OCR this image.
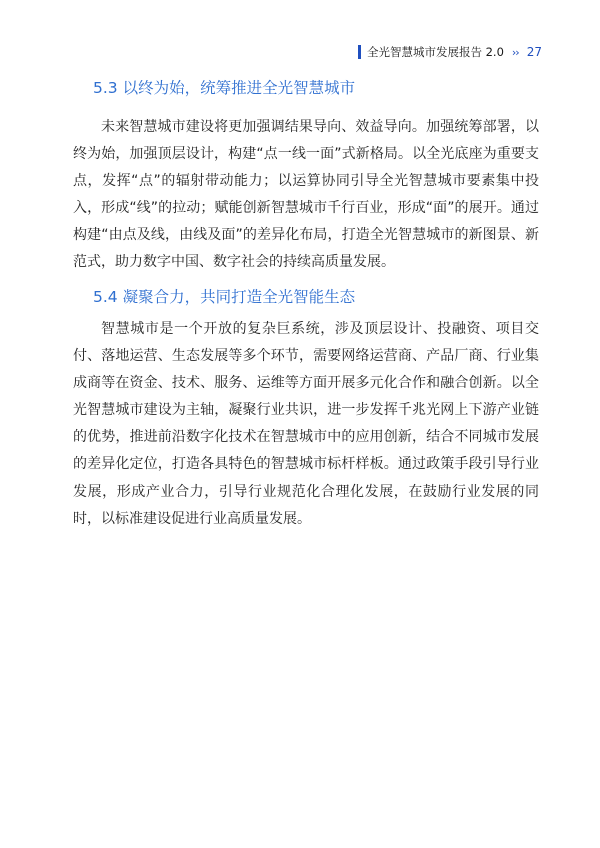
全光智慧城市发展报告 2.0 ›› 27
5.3 以终为始，统筹推进全光智慧城市

未来智慧城市建设将更加强调结果导向、效益导向。加强统筹部署，以终为始，加强顶层设计，构建“点一线一面”式新格局。以全光底座为重要支点，发挥“点”的辐射带动能力；以运算协同引导全光智慧城市要素集中投入，形成“线”的拉动；赋能创新智慧城市千行百业，形成“面”的展开。通过构建“由点及线，由线及面”的差异化布局，打造全光智慧城市的新图景、新范式，助力数字中国、数字社会的持续高质量发展。

5.4 凝聚合力，共同打造全光智能生态

智慧城市是一个开放的复杂巨系统，涉及顶层设计、投融资、项目交付、落地运营、生态发展等多个环节，需要网络运营商、产品厂商、行业集成商等在资金、技术、服务、运维等方面开展多元化合作和融合创新。以全光智慧城市建设为主轴，凝聚行业共识，进一步发挥千兆光网上下游产业链的优势，推进前沿数字化技术在智慧城市中的应用创新，结合不同城市发展的差异化定位，打造各具特色的智慧城市标杆样板。通过政策手段引导行业发展，形成产业合力，引导行业规范化合理化发展，在鼓励行业发展的同时，以标准建设促进行业高质量发展。
